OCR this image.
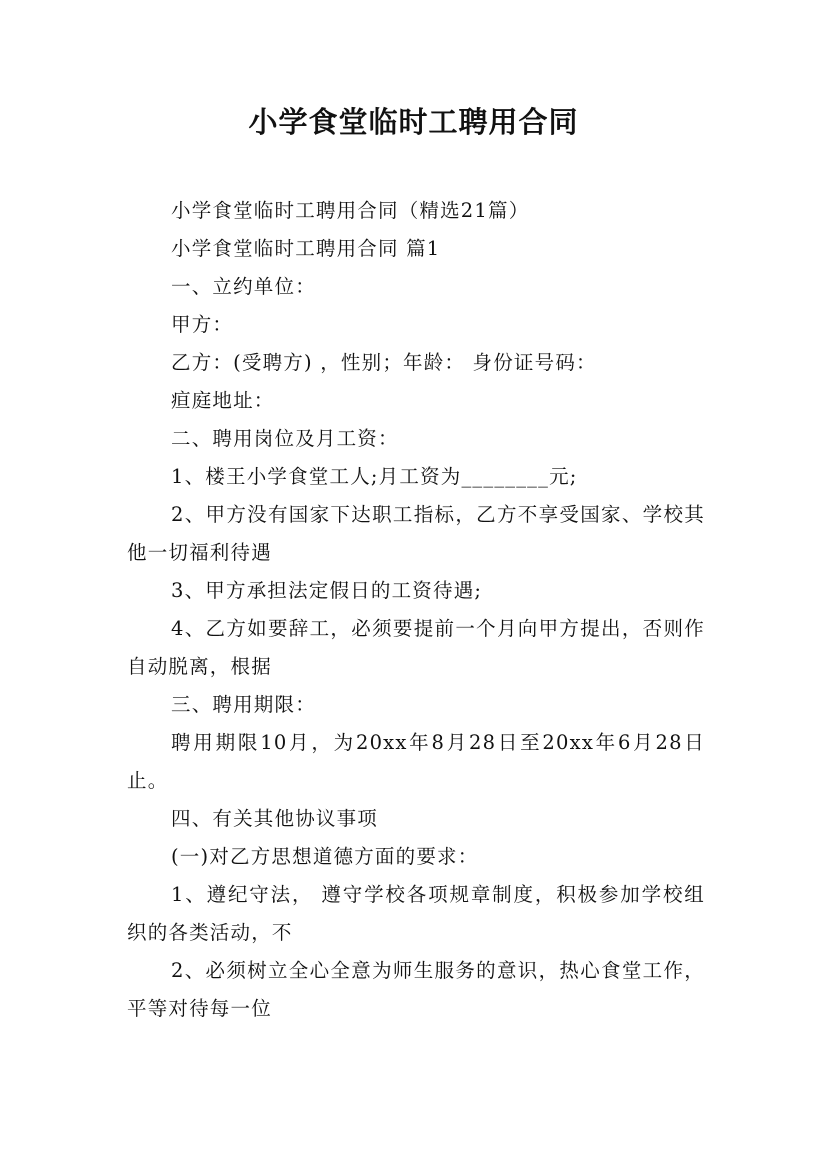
小学食堂临时工聘用合同

小学食堂临时工聘用合同（精选21篇）

小学食堂临时工聘用合同 篇1

一、立约单位：

甲方：

乙方：(受聘方) ，性别；年龄： 身份证号码：

疸庭地址：

二、聘用岗位及月工资：

1、楼王小学食堂工人;月工资为________元;

2、甲方没有国家下达职工指标，乙方不享受国家、学校其他一切福利待遇

3、甲方承担法定假日的工资待遇;

4、乙方如要辞工，必须要提前一个月向甲方提出，否则作自动脱离，根据

三、聘用期限：

聘用期限10月，为20xx年8月28日至20xx年6月28日止。

四、有关其他协议事项

(一)对乙方思想道德方面的要求：

1、遵纪守法， 遵守学校各项规章制度，积极参加学校组织的各类活动，不

2、必须树立全心全意为师生服务的意识，热心食堂工作，平等对待每一位
